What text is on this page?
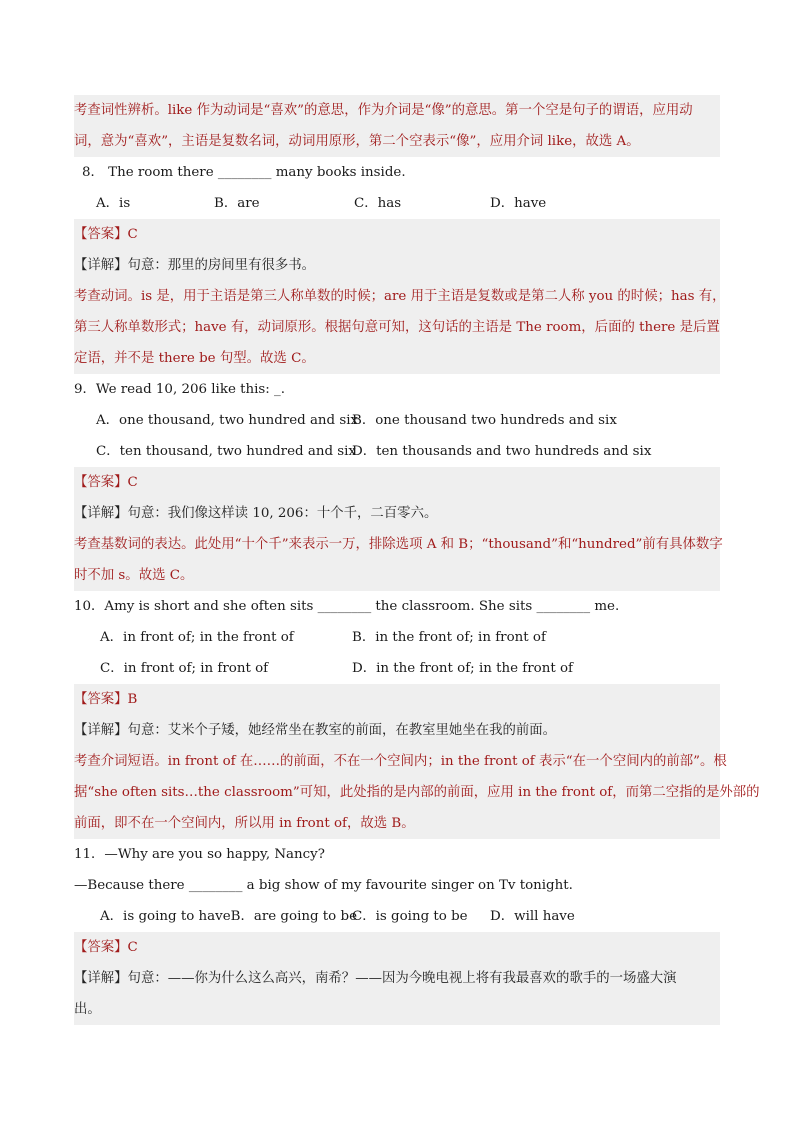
考查词性辨析。like 作为动词是“喜欢”的意思，作为介词是“像”的意思。第一个空是句子的谓语，应用动
词，意为“喜欢”，主语是复数名词，动词用原形，第二个空表示“像”，应用介词 like，故选 A。
8． The room there ________ many books inside.
A．is	B．are	C．has	D．have
【答案】C
【详解】句意：那里的房间里有很多书。
考查动词。is 是，用于主语是第三人称单数的时候；are 用于主语是复数或是第二人称 you 的时候；has 有，
第三人称单数形式；have 有，动词原形。根据句意可知，这句话的主语是 The room，后面的 there 是后置
定语，并不是 there be 句型。故选 C。
9．We read 10, 206 like this: _.
A．one thousand, two hundred and six
B．one thousand two hundreds and six
C．ten thousand, two hundred and six
D．ten thousands and two hundreds and six
【答案】C
【详解】句意：我们像这样读 10, 206：十个千，二百零六。
考查基数词的表达。此处用“十个千”来表示一万，排除选项 A 和 B；“thousand”和“hundred”前有具体数字
时不加 s。故选 C。
10．Amy is short and she often sits ________ the classroom. She sits ________ me.
A．in front of; in the front of	B．in the front of; in front of
C．in front of; in front of	D．in the front of; in the front of
【答案】B
【详解】句意：艾米个子矮，她经常坐在教室的前面，在教室里她坐在我的前面。
考查介词短语。in front of 在……的前面，不在一个空间内；in the front of 表示“在一个空间内的前部”。根
据“she often sits…the classroom”可知，此处指的是内部的前面，应用 in the front of，而第二空指的是外部的
前面，即不在一个空间内，所以用 in front of，故选 B。
11．—Why are you so happy, Nancy?
—Because there ________ a big show of my favourite singer on Tv tonight.
A．is going to haveB．are going to be
C．is going to be D．will have
【答案】C
【详解】句意：——你为什么这么高兴，南希？——因为今晚电视上将有我最喜欢的歌手的一场盛大演
出。
